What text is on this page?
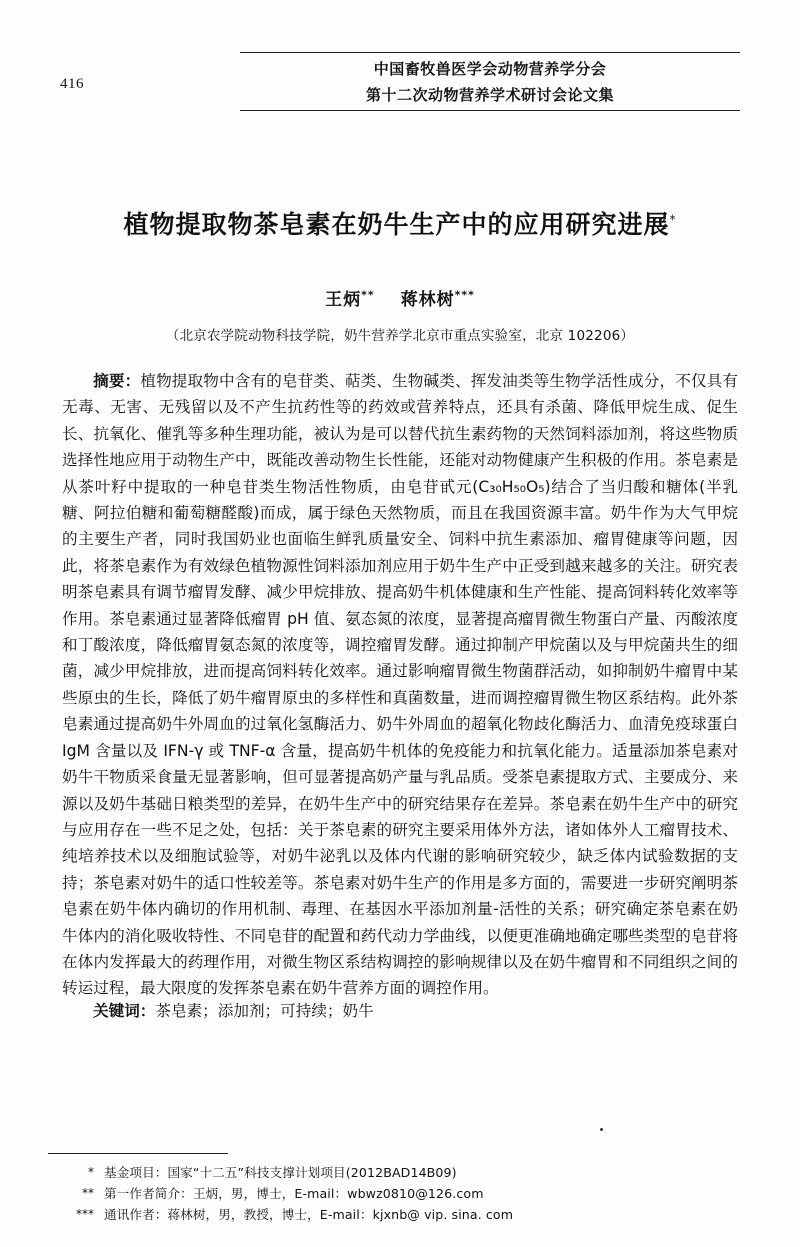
416
中国畜牧兽医学会动物营养学分会
第十二次动物营养学术研讨会论文集
植物提取物茶皂素在奶牛生产中的应用研究进展*
王炳** 蒋林树***
（北京农学院动物科技学院，奶牛营养学北京市重点实验室，北京 102206）
摘要：植物提取物中含有的皂苷类、萜类、生物碱类、挥发油类等生物学活性成分，不仅具有无毒、无害、无残留以及不产生抗药性等的药效或营养特点，还具有杀菌、降低甲烷生成、促生长、抗氧化、催乳等多种生理功能，被认为是可以替代抗生素药物的天然饲料添加剂，将这些物质选择性地应用于动物生产中，既能改善动物生长性能，还能对动物健康产生积极的作用。茶皂素是从茶叶籽中提取的一种皂苷类生物活性物质，由皂苷甙元(C₃₀H₅₀O₅)结合了当归酸和糖体(半乳糖、阿拉伯糖和葡萄糖醛酸)而成，属于绿色天然物质，而且在我国资源丰富。奶牛作为大气甲烷的主要生产者，同时我国奶业也面临生鲜乳质量安全、饲料中抗生素添加、瘤胃健康等问题，因此，将茶皂素作为有效绿色植物源性饲料添加剂应用于奶牛生产中正受到越来越多的关注。研究表明茶皂素具有调节瘤胃发酵、减少甲烷排放、提高奶牛机体健康和生产性能、提高饲料转化效率等作用。茶皂素通过显著降低瘤胃 pH 值、氨态氮的浓度，显著提高瘤胃微生物蛋白产量、丙酸浓度和丁酸浓度，降低瘤胃氨态氮的浓度等，调控瘤胃发酵。通过抑制产甲烷菌以及与甲烷菌共生的细菌，减少甲烷排放，进而提高饲料转化效率。通过影响瘤胃微生物菌群活动，如抑制奶牛瘤胃中某些原虫的生长，降低了奶牛瘤胃原虫的多样性和真菌数量，进而调控瘤胃微生物区系结构。此外茶皂素通过提高奶牛外周血的过氧化氢酶活力、奶牛外周血的超氧化物歧化酶活力、血清免疫球蛋白 IgM 含量以及 IFN-γ 或 TNF-α 含量，提高奶牛机体的免疫能力和抗氧化能力。适量添加茶皂素对奶牛干物质采食量无显著影响，但可显著提高奶产量与乳品质。受茶皂素提取方式、主要成分、来源以及奶牛基础日粮类型的差异，在奶牛生产中的研究结果存在差异。茶皂素在奶牛生产中的研究与应用存在一些不足之处，包括：关于茶皂素的研究主要采用体外方法，诸如体外人工瘤胃技术、纯培养技术以及细胞试验等，对奶牛泌乳以及体内代谢的影响研究较少，缺乏体内试验数据的支持；茶皂素对奶牛的适口性较差等。茶皂素对奶牛生产的作用是多方面的，需要进一步研究阐明茶皂素在奶牛体内确切的作用机制、毒理、在基因水平添加剂量-活性的关系；研究确定茶皂素在奶牛体内的消化吸收特性、不同皂苷的配置和药代动力学曲线，以便更准确地确定哪些类型的皂苷将在体内发挥最大的药理作用，对微生物区系结构调控的影响规律以及在奶牛瘤胃和不同组织之间的转运过程，最大限度的发挥茶皂素在奶牛营养方面的调控作用。
关键词：茶皂素；添加剂；可持续；奶牛
* 基金项目：国家“十二五”科技支撑计划项目(2012BAD14B09)
** 第一作者简介：王炳，男，博士，E-mail：wbwz0810@126.com
*** 通讯作者：蒋林树，男，教授，博士，E-mail：kjxnb@ vip. sina. com
